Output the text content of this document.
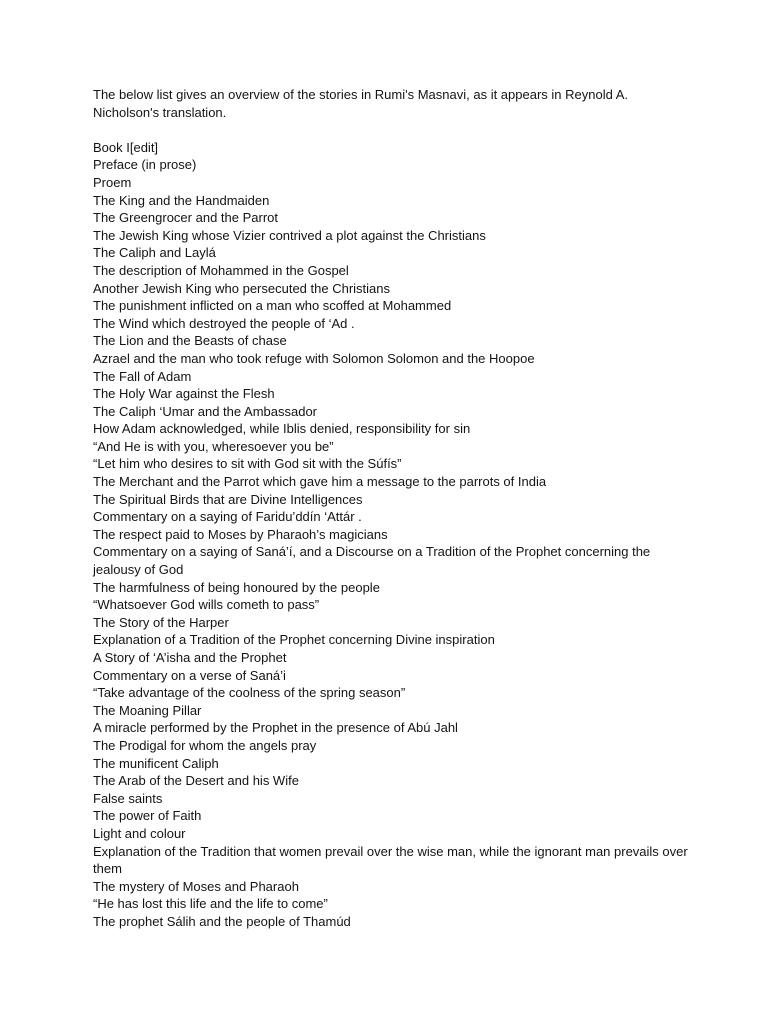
The below list gives an overview of the stories in Rumi's Masnavi, as it appears in Reynold A. Nicholson's translation.

Book I[edit]

Preface (in prose)
Proem
The King and the Handmaiden
The Greengrocer and the Parrot
The Jewish King whose Vizier contrived a plot against the Christians
The Caliph and Laylá
The description of Mohammed in the Gospel
Another Jewish King who persecuted the Christians
The punishment inflicted on a man who scoffed at Mohammed
The Wind which destroyed the people of ‘Ad .
The Lion and the Beasts of chase
Azrael and the man who took refuge with Solomon Solomon and the Hoopoe
The Fall of Adam
The Holy War against the Flesh
The Caliph ‘Umar and the Ambassador
How Adam acknowledged, while Iblis denied, responsibility for sin
“And He is with you, wheresoever you be”
“Let him who desires to sit with God sit with the Súfís”
The Merchant and the Parrot which gave him a message to the parrots of India
The Spiritual Birds that are Divine Intelligences
Commentary on a saying of Faridu’ddín ‘Attár .
The respect paid to Moses by Pharaoh’s magicians
Commentary on a saying of Saná’í, and a Discourse on a Tradition of the Prophet concerning the jealousy of God
The harmfulness of being honoured by the people
“Whatsoever God wills cometh to pass”
The Story of the Harper
Explanation of a Tradition of the Prophet concerning Divine inspiration
A Story of ‘A’isha and the Prophet
Commentary on a verse of Saná’i
“Take advantage of the coolness of the spring season”
The Moaning Pillar
A miracle performed by the Prophet in the presence of Abú Jahl
The Prodigal for whom the angels pray
The munificent Caliph
The Arab of the Desert and his Wife
False saints
The power of Faith
Light and colour
Explanation of the Tradition that women prevail over the wise man, while the ignorant man prevails over them
The mystery of Moses and Pharaoh
“He has lost this life and the life to come”
The prophet Sálih and the people of Thamúd
